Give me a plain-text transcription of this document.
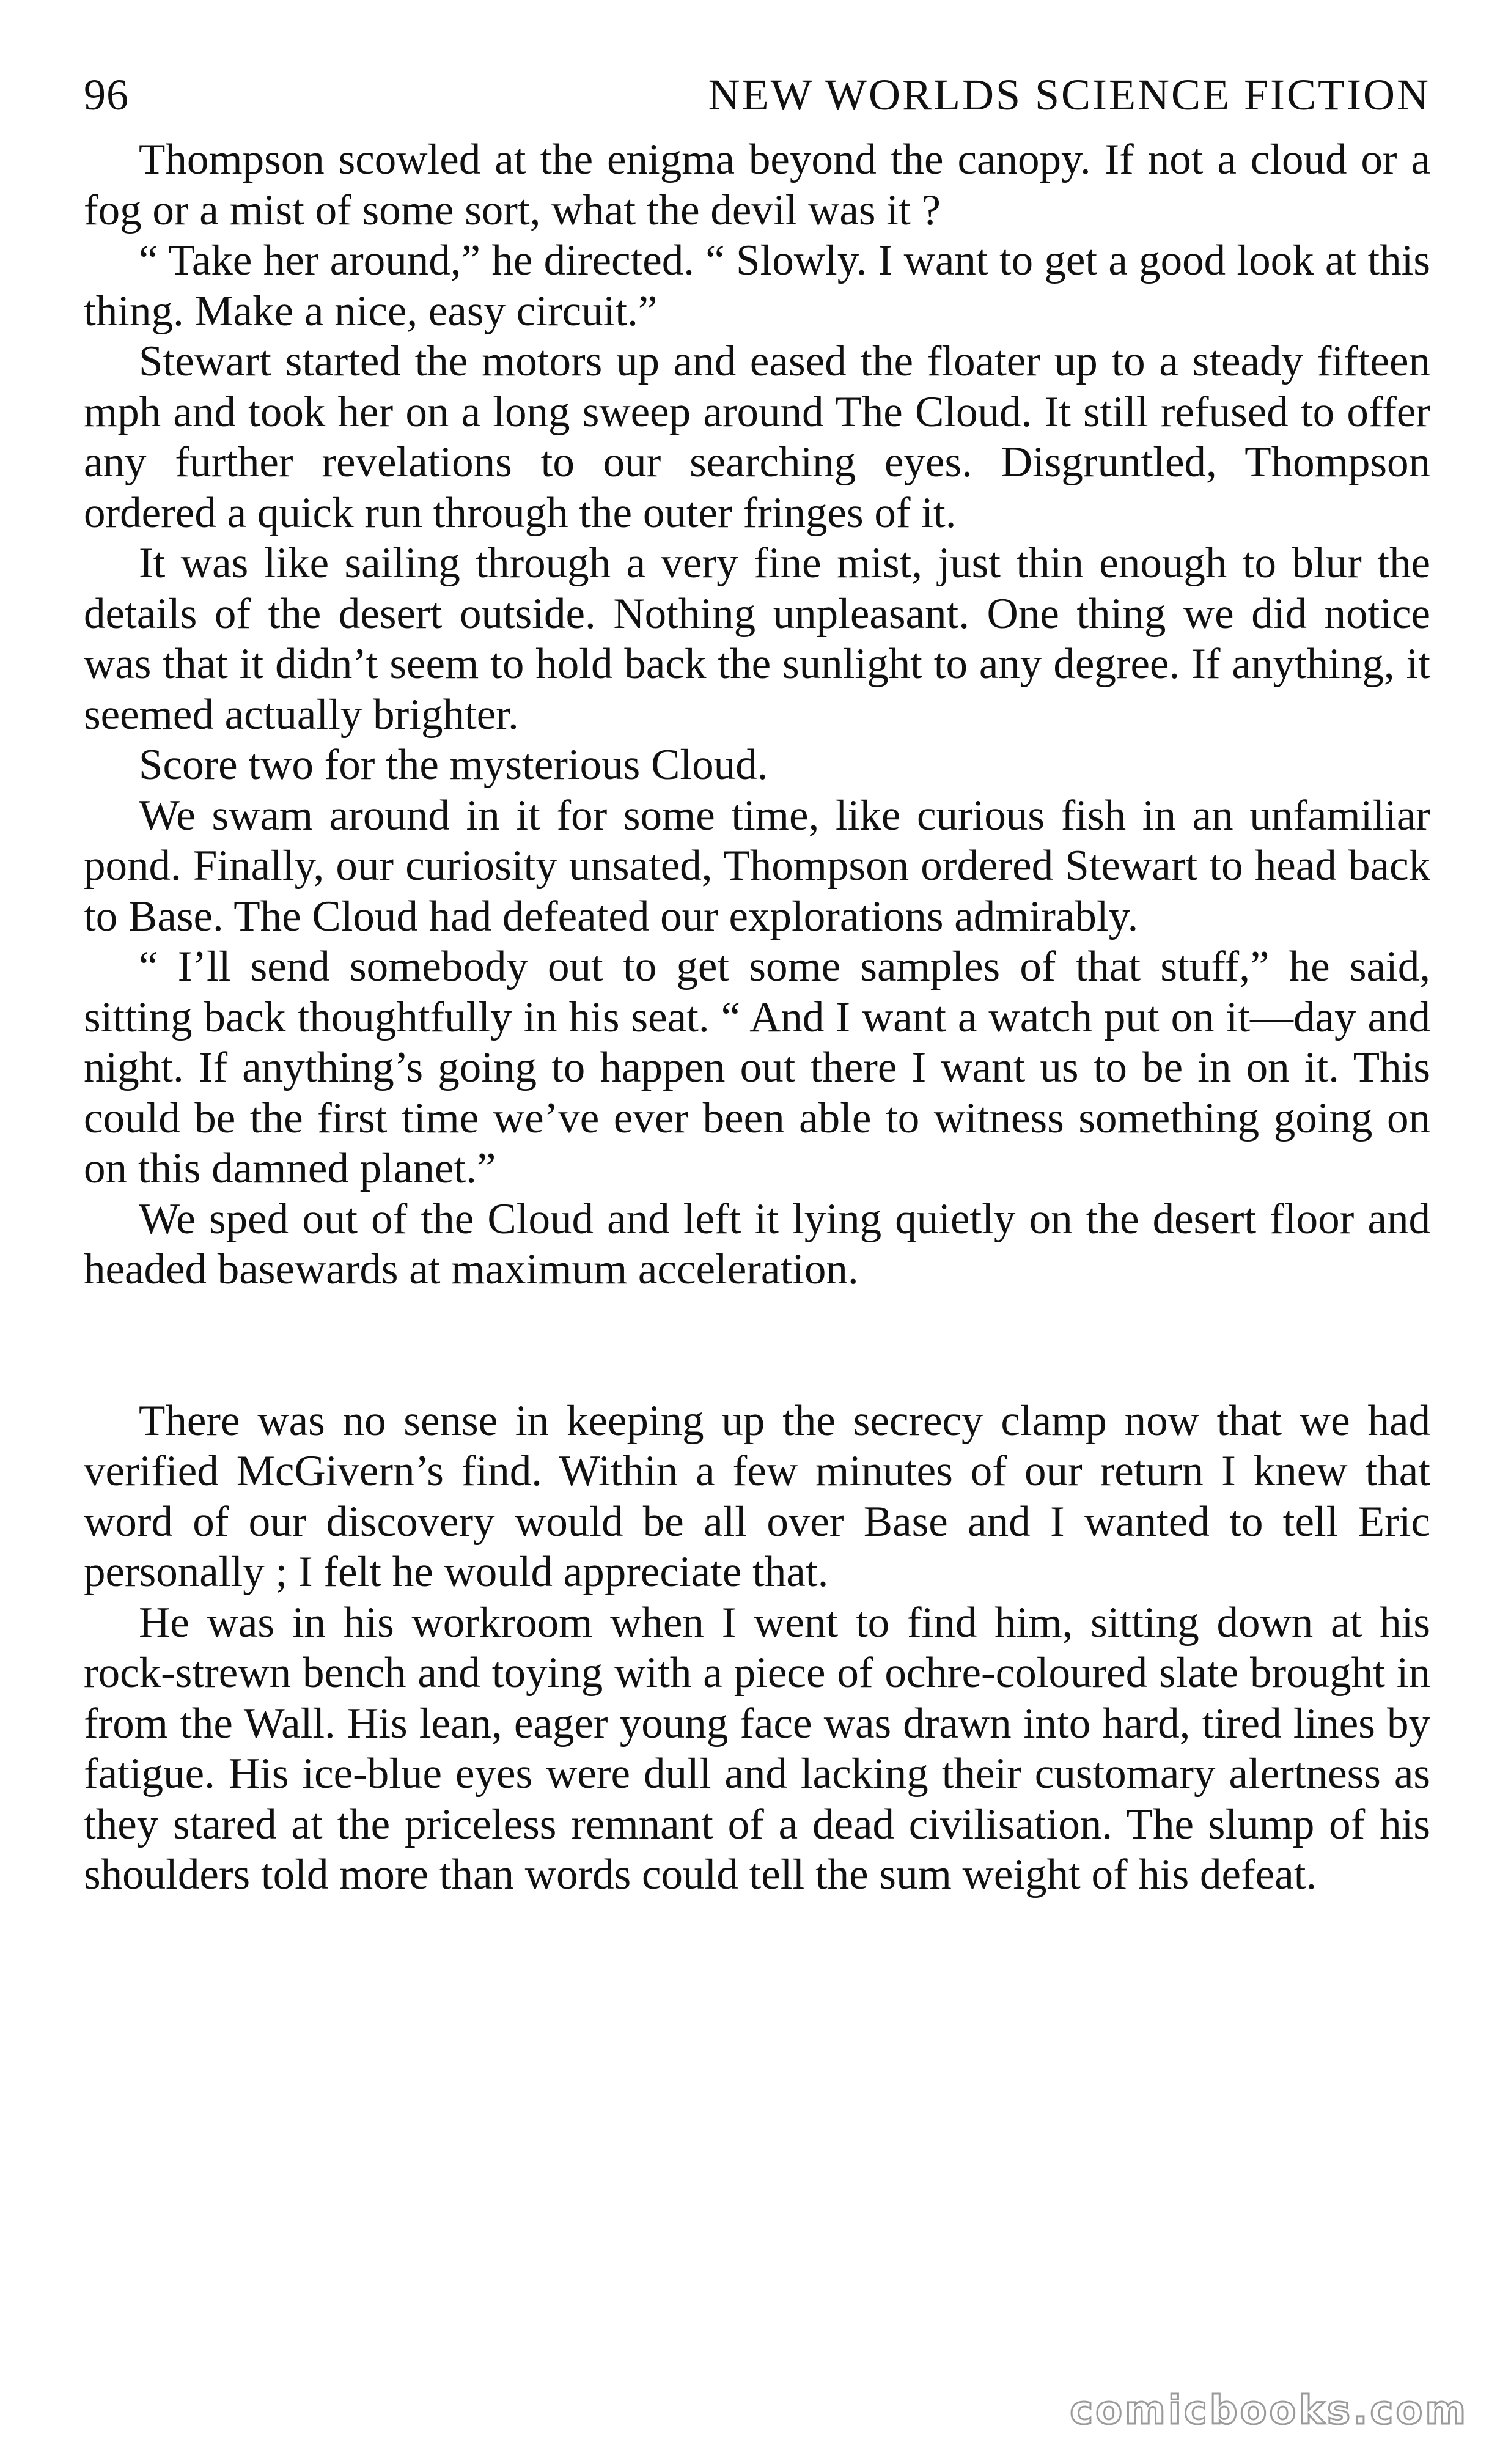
96	NEW WORLDS SCIENCE FICTION

Thompson scowled at the enigma beyond the canopy. If not a cloud or a fog or a mist of some sort, what the devil was it ?

“ Take her around,” he directed. “ Slowly. I want to get a good look at this thing. Make a nice, easy circuit.”

Stewart started the motors up and eased the floater up to a steady fifteen mph and took her on a long sweep around The Cloud. It still refused to offer any further revelations to our searching eyes. Disgruntled, Thompson ordered a quick run through the outer fringes of it.

It was like sailing through a very fine mist, just thin enough to blur the details of the desert outside. Nothing unpleasant. One thing we did notice was that it didn’t seem to hold back the sunlight to any degree. If anything, it seemed actually brighter.

Score two for the mysterious Cloud.

We swam around in it for some time, like curious fish in an unfamiliar pond. Finally, our curiosity unsated, Thompson ordered Stewart to head back to Base. The Cloud had defeated our explorations admirably.

“ I’ll send somebody out to get some samples of that stuff,” he said, sitting back thoughtfully in his seat. “ And I want a watch put on it—day and night. If anything’s going to happen out there I want us to be in on it. This could be the first time we’ve ever been able to witness something going on on this damned planet.”

We sped out of the Cloud and left it lying quietly on the desert floor and headed basewards at maximum acceleration.

There was no sense in keeping up the secrecy clamp now that we had verified McGivern’s find. Within a few minutes of our return I knew that word of our discovery would be all over Base and I wanted to tell Eric personally ; I felt he would appreciate that.

He was in his workroom when I went to find him, sitting down at his rock-strewn bench and toying with a piece of ochre-coloured slate brought in from the Wall. His lean, eager young face was drawn into hard, tired lines by fatigue. His ice-blue eyes were dull and lacking their customary alertness as they stared at the priceless remnant of a dead civilisation. The slump of his shoulders told more than words could tell the sum weight of his defeat.

comicbooks.com
